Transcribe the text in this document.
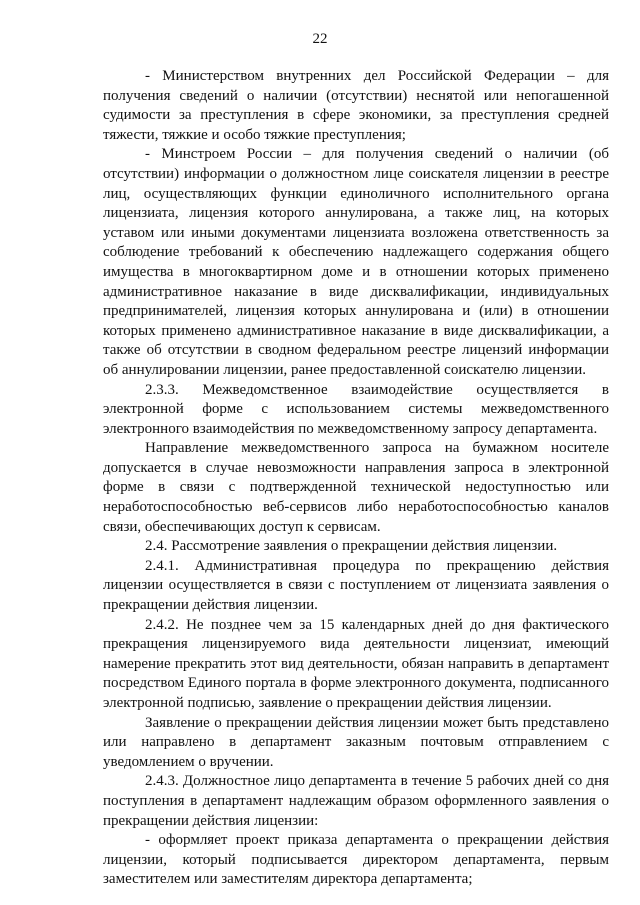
22

- Министерством внутренних дел Российской Федерации – для получения сведений о наличии (отсутствии) неснятой или непогашенной судимости за преступления в сфере экономики, за преступления средней тяжести, тяжкие и особо тяжкие преступления;

- Минстроем России – для получения сведений о наличии (об отсутствии) информации о должностном лице соискателя лицензии в реестре лиц, осуществляющих функции единоличного исполнительного органа лицензиата, лицензия которого аннулирована, а также лиц, на которых уставом или иными документами лицензиата возложена ответственность за соблюдение требований к обеспечению надлежащего содержания общего имущества в многоквартирном доме и в отношении которых применено административное наказание в виде дисквалификации, индивидуальных предпринимателей, лицензия которых аннулирована и (или) в отношении которых применено административное наказание в виде дисквалификации, а также об отсутствии в сводном федеральном реестре лицензий информации об аннулировании лицензии, ранее предоставленной соискателю лицензии.

2.3.3. Межведомственное взаимодействие осуществляется в электронной форме с использованием системы межведомственного электронного взаимодействия по межведомственному запросу департамента.

Направление межведомственного запроса на бумажном носителе допускается в случае невозможности направления запроса в электронной форме в связи с подтвержденной технической недоступностью или неработоспособностью веб-сервисов либо неработоспособностью каналов связи, обеспечивающих доступ к сервисам.

2.4. Рассмотрение заявления о прекращении действия лицензии.

2.4.1. Административная процедура по прекращению действия лицензии осуществляется в связи с поступлением от лицензиата заявления о прекращении действия лицензии.

2.4.2. Не позднее чем за 15 календарных дней до дня фактического прекращения лицензируемого вида деятельности лицензиат, имеющий намерение прекратить этот вид деятельности, обязан направить в департамент посредством Единого портала в форме электронного документа, подписанного электронной подписью, заявление о прекращении действия лицензии.

Заявление о прекращении действия лицензии может быть представлено или направлено в департамент заказным почтовым отправлением с уведомлением о вручении.

2.4.3. Должностное лицо департамента в течение 5 рабочих дней со дня поступления в департамент надлежащим образом оформленного заявления о прекращении действия лицензии:

- оформляет проект приказа департамента о прекращении действия лицензии, который подписывается директором департамента, первым заместителем или заместителям директора департамента;
